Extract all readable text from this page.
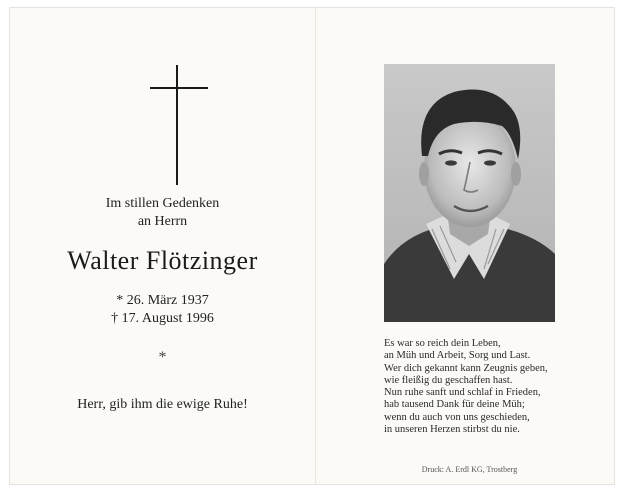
Im stillen Gedenken
an Herrn
Walter Flötzinger
* 26. März 1937
† 17. August 1996
*
Herr, gib ihm die ewige Ruhe!
Es war so reich dein Leben,
an Müh und Arbeit, Sorg und Last.
Wer dich gekannt kann Zeugnis geben,
wie fleißig du geschaffen hast.
Nun ruhe sanft und schlaf in Frieden,
hab tausend Dank für deine Müh;
wenn du auch von uns geschieden,
in unseren Herzen stirbst du nie.
Druck: A. Erdl KG, Trostberg
